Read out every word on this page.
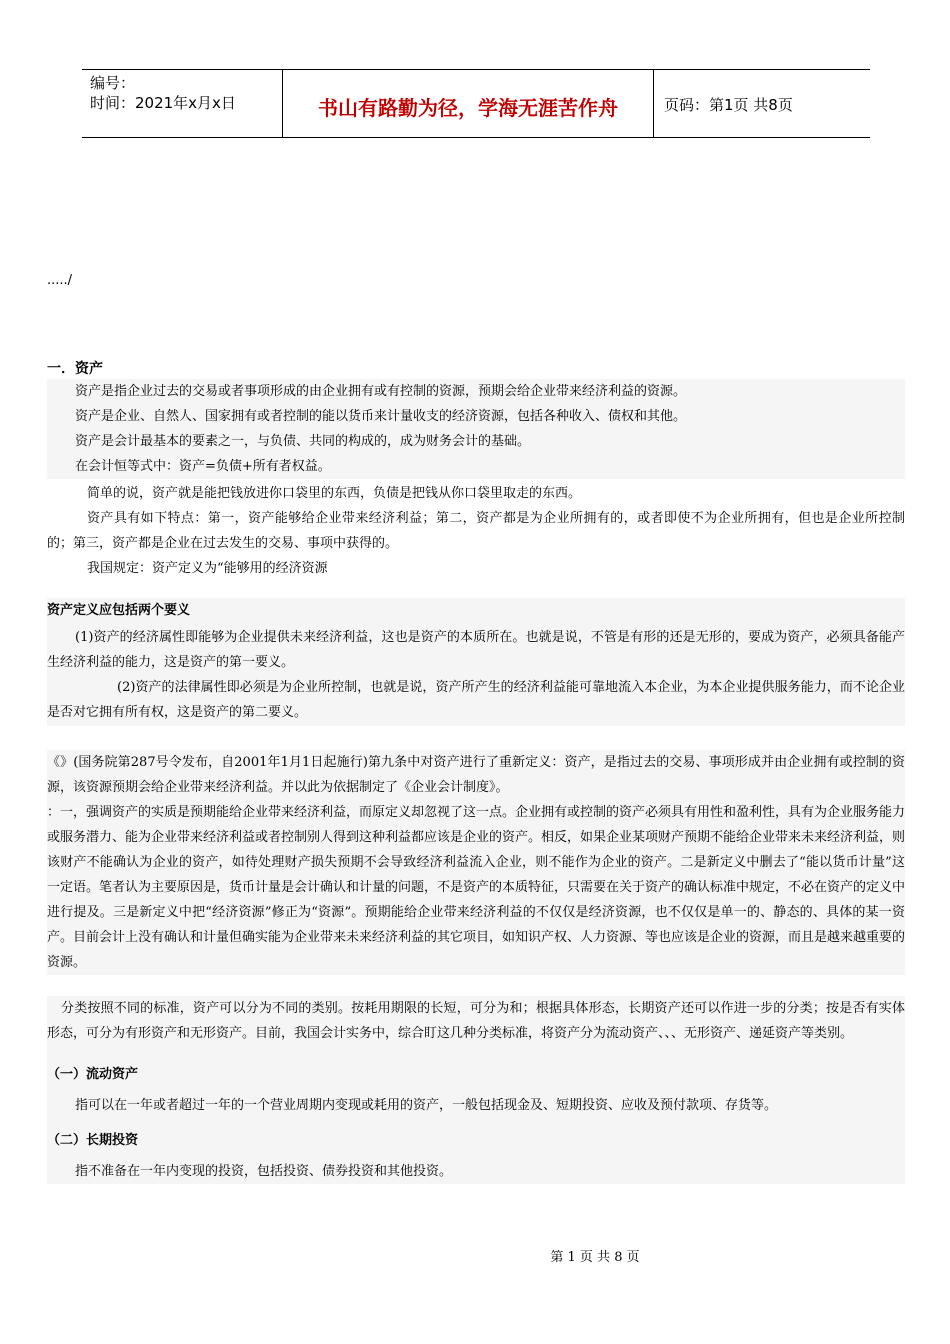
编号：
时间：2021年x月x日	书山有路勤为径，学海无涯苦作舟	页码：第1页 共8页
...../
一．资产

资产是指企业过去的交易或者事项形成的由企业拥有或有控制的资源，预期会给企业带来经济利益的资源。

资产是企业、自然人、国家拥有或者控制的能以货币来计量收支的经济资源，包括各种收入、债权和其他。

资产是会计最基本的要素之一，与负债、共同的构成的，成为财务会计的基础。

在会计恒等式中：资产=负债+所有者权益。

简单的说，资产就是能把钱放进你口袋里的东西，负债是把钱从你口袋里取走的东西。

资产具有如下特点：第一，资产能够给企业带来经济利益；第二，资产都是为企业所拥有的，或者即使不为企业所拥有，但也是企业所控制的；第三，资产都是企业在过去发生的交易、事项中获得的。

我国规定：资产定义为“能够用的经济资源

资产定义应包括两个要义

(1)资产的经济属性即能够为企业提供未来经济利益，这也是资产的本质所在。也就是说，不管是有形的还是无形的，要成为资产，必须具备能产生经济利益的能力，这是资产的第一要义。

(2)资产的法律属性即必须是为企业所控制，也就是说，资产所产生的经济利益能可靠地流入本企业，为本企业提供服务能力，而不论企业是否对它拥有所有权，这是资产的第二要义。

《》(国务院第287号令发布，自2001年1月1日起施行)第九条中对资产进行了重新定义：资产，是指过去的交易、事项形成并由企业拥有或控制的资源，该资源预期会给企业带来经济利益。并以此为依据制定了《企业会计制度》。

：一，强调资产的实质是预期能给企业带来经济利益，而原定义却忽视了这一点。企业拥有或控制的资产必须具有用性和盈利性，具有为企业服务能力或服务潜力、能为企业带来经济利益或者控制别人得到这种利益都应该是企业的资产。相反，如果企业某项财产预期不能给企业带来未来经济利益，则该财产不能确认为企业的资产，如待处理财产损失预期不会导致经济利益流入企业，则不能作为企业的资产。二是新定义中删去了“能以货币计量”这一定语。笔者认为主要原因是，货币计量是会计确认和计量的问题，不是资产的本质特征，只需要在关于资产的确认标准中规定，不必在资产的定义中进行提及。三是新定义中把“经济资源”修正为“资源”。预期能给企业带来经济利益的不仅仅是经济资源，也不仅仅是单一的、静态的、具体的某一资产。目前会计上没有确认和计量但确实能为企业带来未来经济利益的其它项目，如知识产权、人力资源、等也应该是企业的资源，而且是越来越重要的资源。

分类按照不同的标准，资产可以分为不同的类别。按耗用期限的长短，可分为和；根据具体形态，长期资产还可以作进一步的分类；按是否有实体形态，可分为有形资产和无形资产。目前，我国会计实务中，综合盯这几种分类标准，将资产分为流动资产、、、无形资产、递延资产等类别。

（一）流动资产

指可以在一年或者超过一年的一个营业周期内变现或耗用的资产，一般包括现金及、短期投资、应收及预付款项、存货等。

（二）长期投资

指不准备在一年内变现的投资，包括投资、债券投资和其他投资。

第 1 页 共 8 页
